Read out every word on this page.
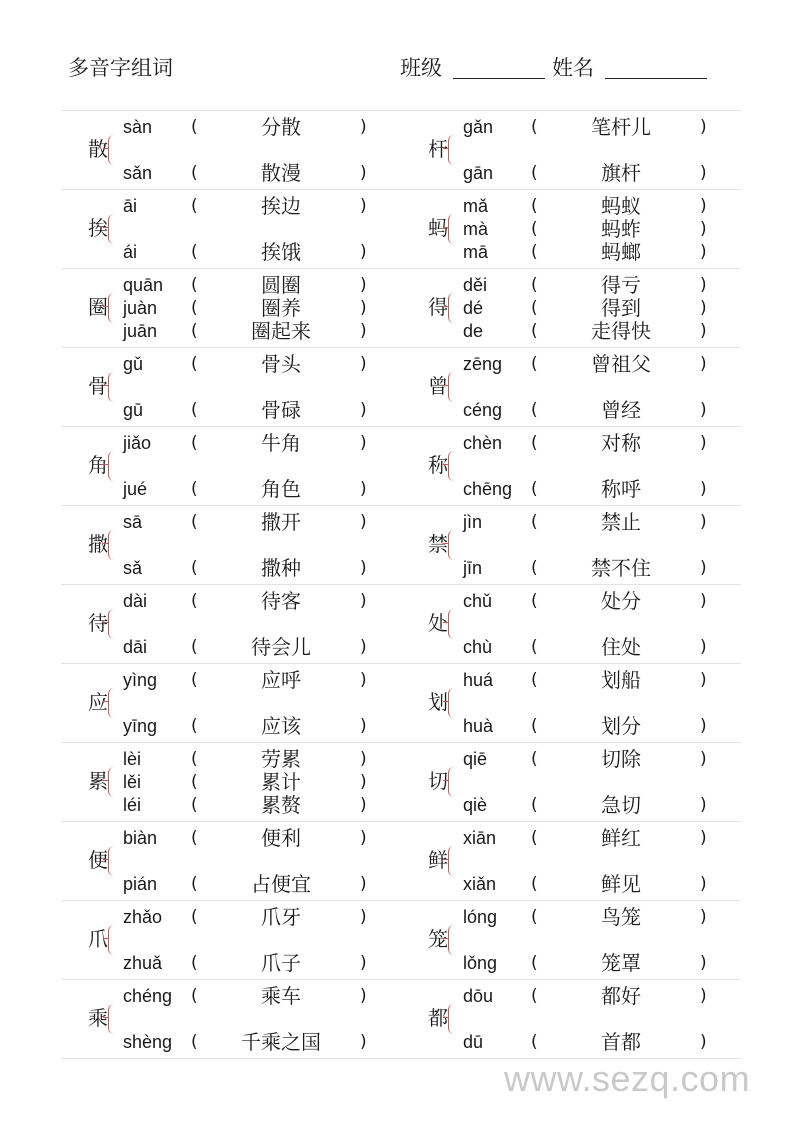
多音字组词	班级	姓名
散
sàn (	分散	)
sǎn (	散漫	)
杆
gǎn (	笔杆儿	)
gān (	旗杆	)
挨
āi	(	挨边	)
ái	(	挨饿	)
蚂
mǎ	(	蚂蚁	)
mà	(	蚂蚱	)
mā	(	蚂螂	)
圈
quān (	圆圈	)
juàn (	圈养	)
juān (	圈起来	)
得
děi	(	得亏	)
dé	(	得到	)
de	(	走得快	)
骨
gǔ	(	骨头	)
gū	(	骨碌	)
曾
zēng (	曾祖父	)
céng (	曾经	)
角
jiǎo (	牛角	)
jué	(	角色	)
称
chèn (	对称	)
chēng (	称呼	)
撒
sā	(	撒开	)
sǎ	(	撒种	)
禁
jìn	(	禁止	)
jīn	(	禁不住	)
待
dài	(	待客	)
dāi	(	待会儿	)
处
chǔ (	处分	)
chù (	住处	)
应
yìng (	应呼	)
yīng (	应该	)
划
huá (	划船	)
huà (	划分	)
累
lèi	(	劳累	)
lěi	(	累计	)
léi	(	累赘	)
切
qiē	(	切除	)
qiè	(	急切	)
便
biàn (	便利	)
pián (	占便宜	)
鲜
xiān (	鲜红	)
xiǎn (	鲜见	)
爪
zhǎo (	爪牙	)
zhuǎ (	爪子	)
笼
lóng (	鸟笼	)
lǒng (	笼罩	)
乘
chéng (	乘车	)
shèng (	千乘之国	)
都
dōu (	都好	)
dū	(	首都	)
www.sezq.com
